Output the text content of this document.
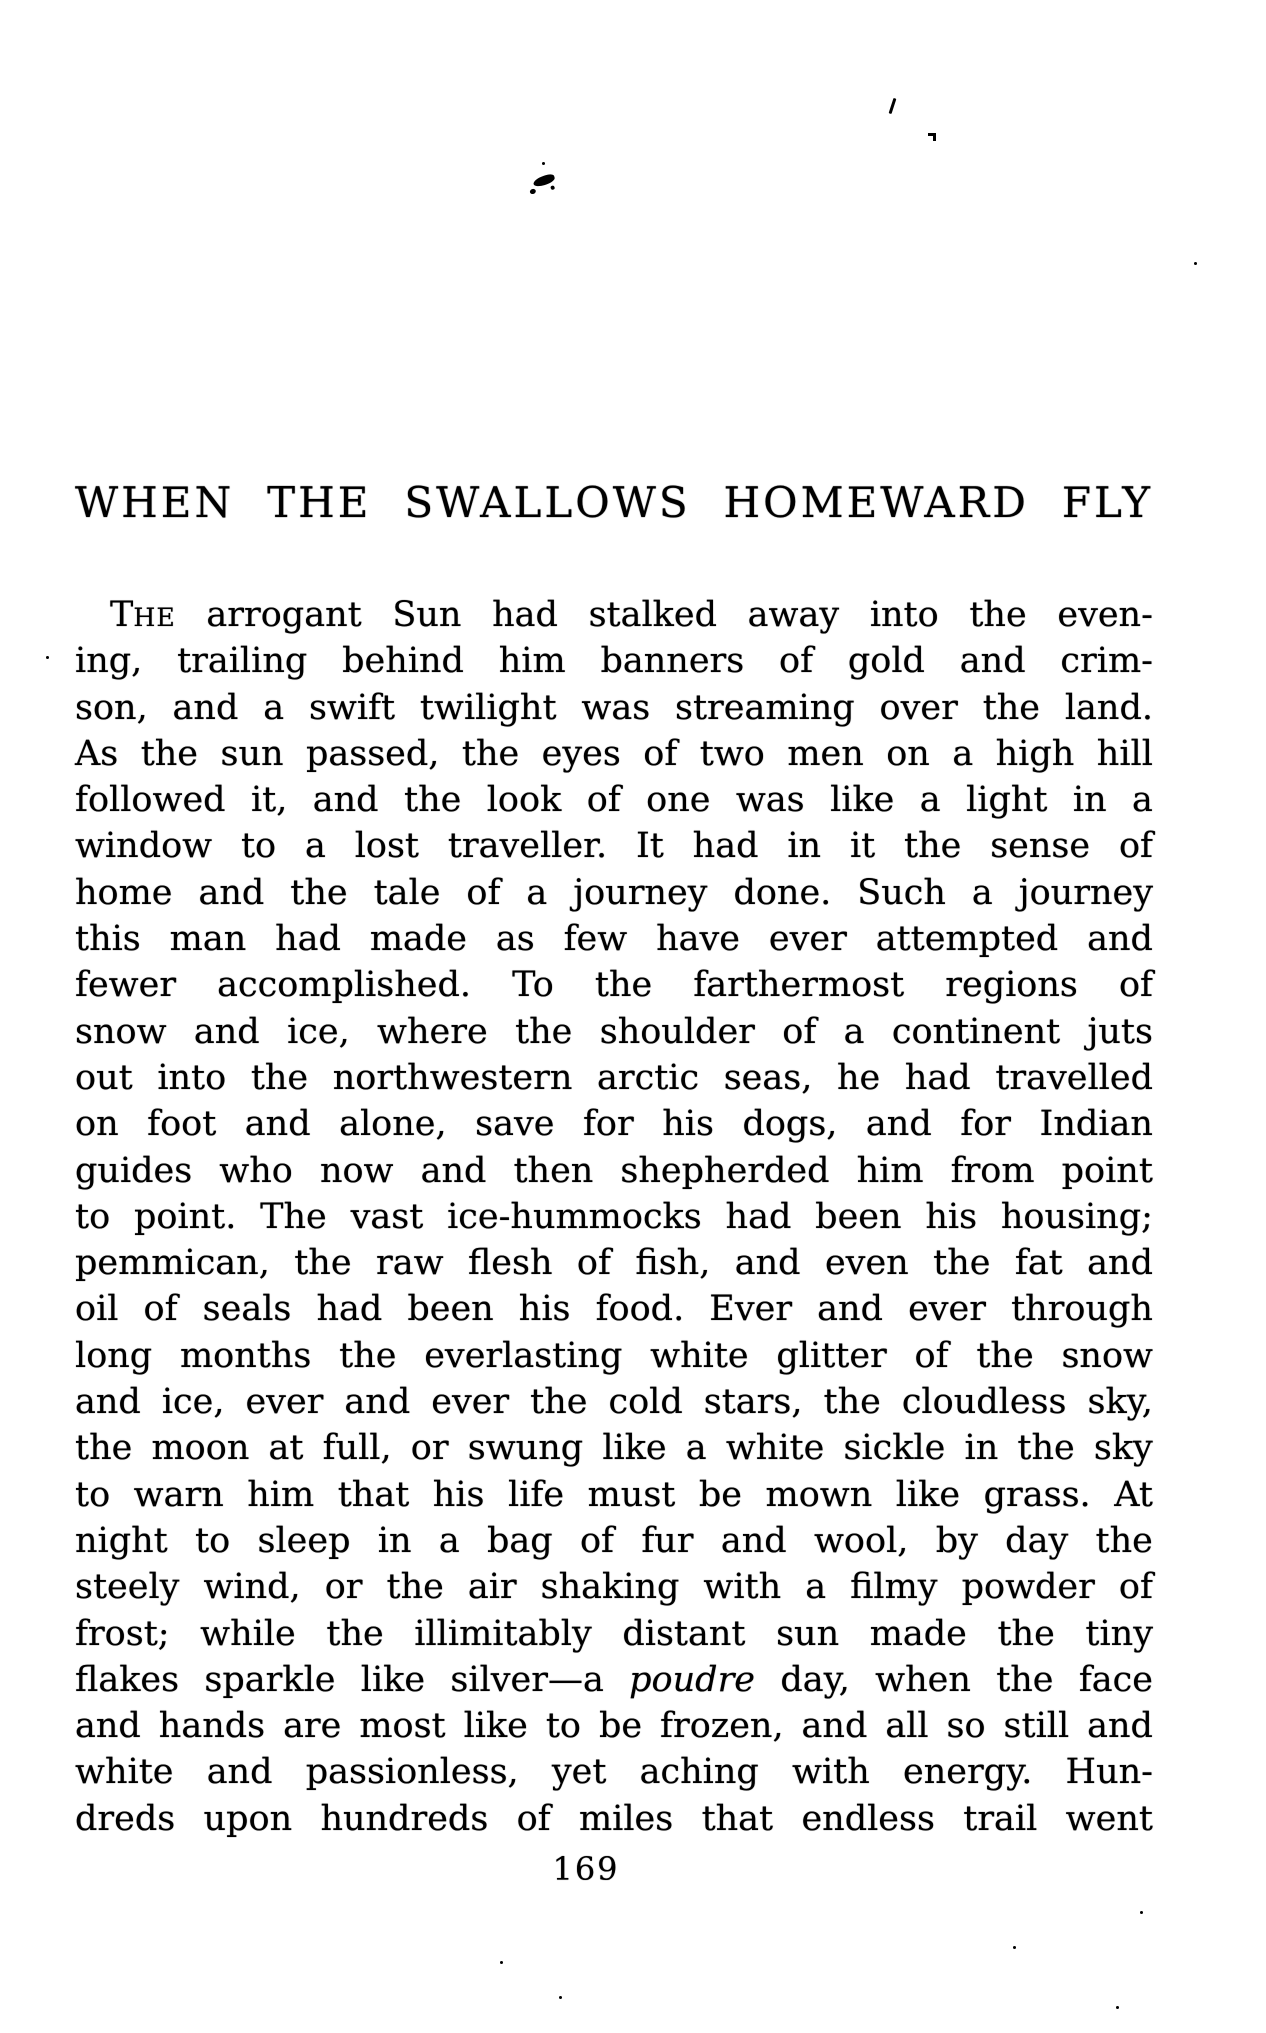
WHEN THE SWALLOWS HOMEWARD FLY
THE arrogant Sun had stalked away into the even-
ing, trailing behind him banners of gold and crim-
son, and a swift twilight was streaming over the land.
As the sun passed, the eyes of two men on a high hill
followed it, and the look of one was like a light in a
window to a lost traveller. It had in it the sense of
home and the tale of a journey done. Such a journey
this man had made as few have ever attempted and
fewer accomplished. To the farthermost regions of
snow and ice, where the shoulder of a continent juts
out into the northwestern arctic seas, he had travelled
on foot and alone, save for his dogs, and for Indian
guides who now and then shepherded him from point
to point. The vast ice-hummocks had been his housing;
pemmican, the raw flesh of fish, and even the fat and
oil of seals had been his food. Ever and ever through
long months the everlasting white glitter of the snow
and ice, ever and ever the cold stars, the cloudless sky,
the moon at full, or swung like a white sickle in the sky
to warn him that his life must be mown like grass. At
night to sleep in a bag of fur and wool, by day the
steely wind, or the air shaking with a filmy powder of
frost; while the illimitably distant sun made the tiny
flakes sparkle like silver—a poudre day, when the face
and hands are most like to be frozen, and all so still and
white and passionless, yet aching with energy. Hun-
dreds upon hundreds of miles that endless trail went
169
